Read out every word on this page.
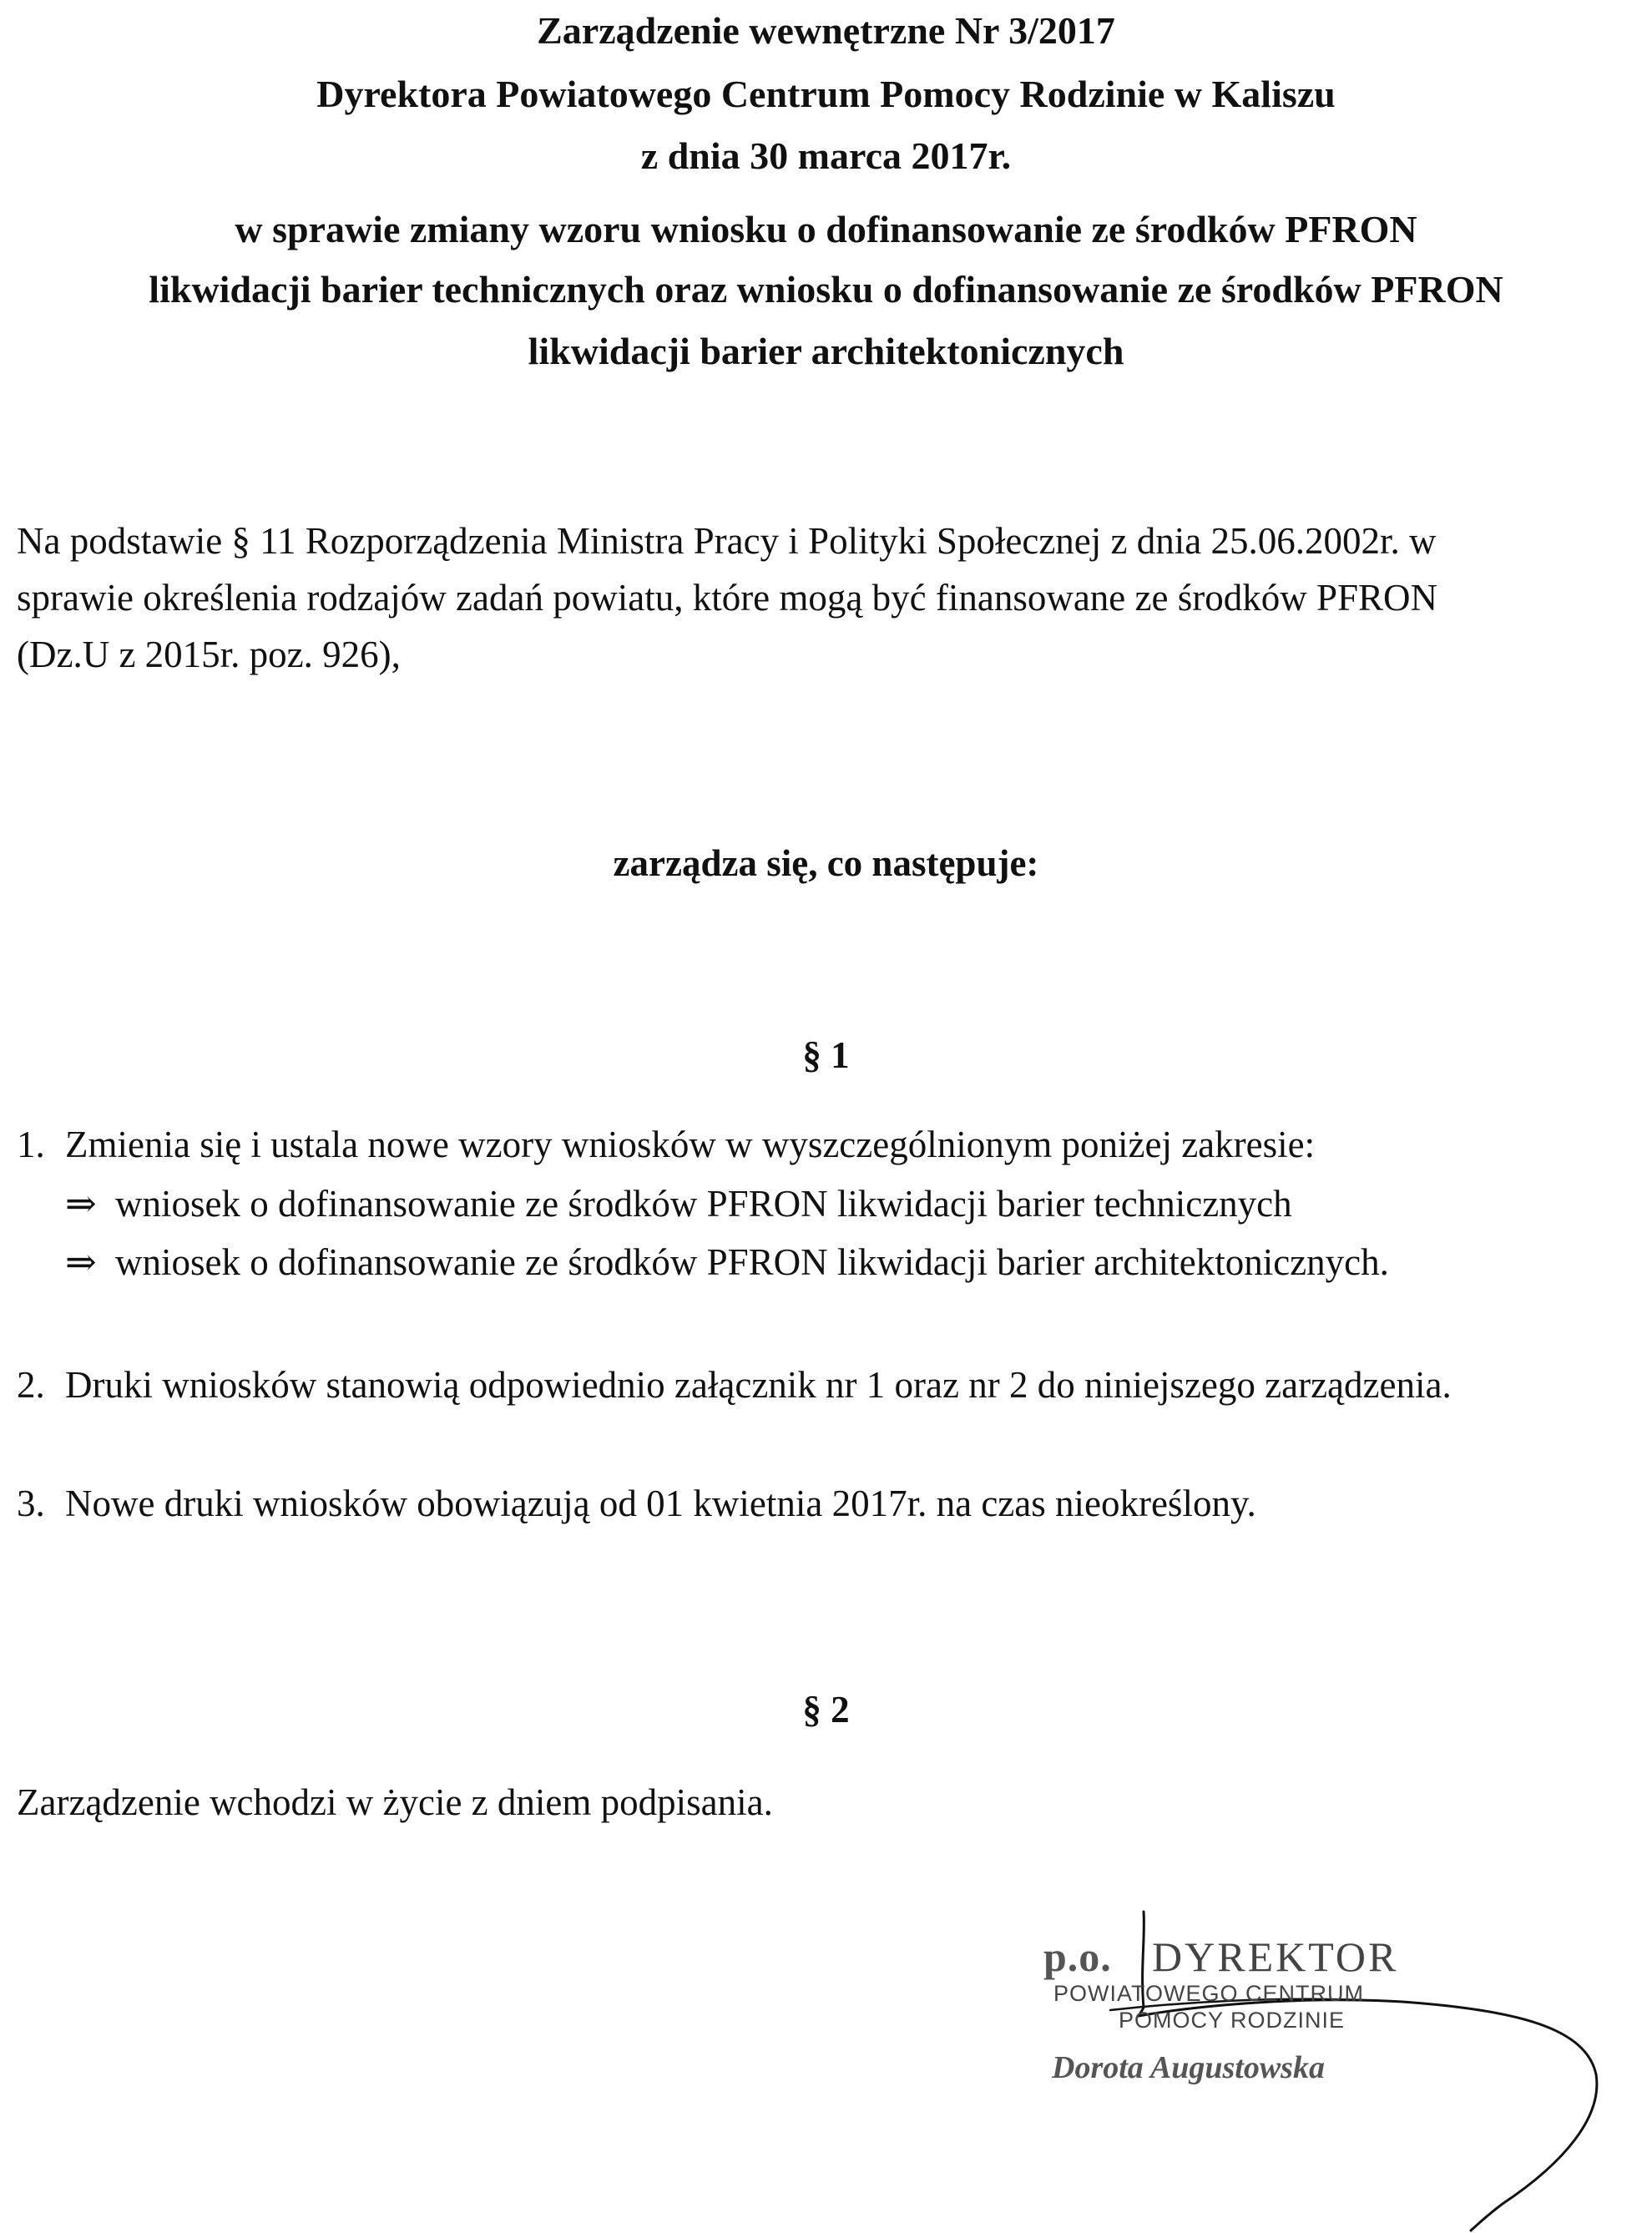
Zarządzenie wewnętrzne Nr 3/2017
Dyrektora Powiatowego Centrum Pomocy Rodzinie w Kaliszu
z dnia 30 marca 2017r.
w sprawie zmiany wzoru wniosku o dofinansowanie ze środków PFRON
likwidacji barier technicznych oraz wniosku o dofinansowanie ze środków PFRON
likwidacji barier architektonicznych
Na podstawie § 11 Rozporządzenia Ministra Pracy i Polityki Społecznej z dnia 25.06.2002r. w
sprawie określenia rodzajów zadań powiatu, które mogą być finansowane ze środków PFRON
(Dz.U z 2015r. poz. 926),
zarządza się, co następuje:
§ 1
1. Zmienia się i ustala nowe wzory wniosków w wyszczególnionym poniżej zakresie:
⇒ wniosek o dofinansowanie ze środków PFRON likwidacji barier technicznych
⇒ wniosek o dofinansowanie ze środków PFRON likwidacji barier architektonicznych.
2. Druki wniosków stanowią odpowiednio załącznik nr 1 oraz nr 2 do niniejszego zarządzenia.
3. Nowe druki wniosków obowiązują od 01 kwietnia 2017r. na czas nieokreślony.
§ 2
Zarządzenie wchodzi w życie z dniem podpisania.
p.o. DYREKTOR
POWIATOWEGO CENTRUM
POMOCY RODZINIE
Dorota Augustowska
